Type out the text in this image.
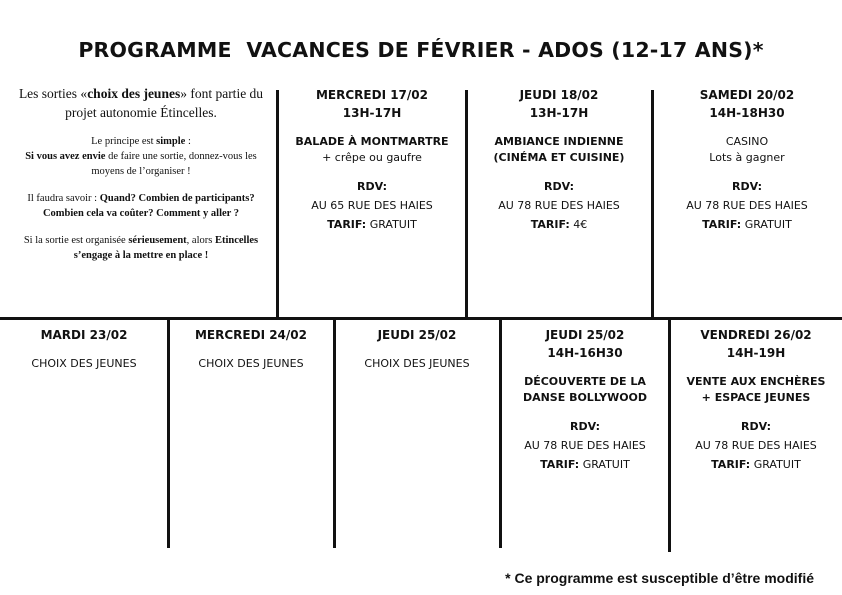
PROGRAMME  VACANCES DE FÉVRIER - ADOS (12-17 ANS)*
Les sorties «choix des jeunes» font partie du projet autonomie Étincelles.
Le principe est simple :
Si vous avez envie de faire une sortie, donnez-vous les moyens de l’organiser !
Il faudra savoir : Quand? Combien de participants? Combien cela va coûter? Comment y aller ?
Si la sortie est organisée sérieusement, alors Etincelles s’engage à la mettre en place !
MERCREDI 17/02
13H-17H
BALADE À MONTMARTRE
+ crêpe ou gaufre
RDV:
AU 65 RUE DES HAIES
TARIF: GRATUIT
JEUDI 18/02
13H-17H
AMBIANCE INDIENNE
(CINÉMA ET CUISINE)
RDV:
AU 78 RUE DES HAIES
TARIF: 4€
SAMEDI 20/02
14H-18H30
CASINO
Lots à gagner
RDV:
AU 78 RUE DES HAIES
TARIF: GRATUIT
MARDI 23/02
CHOIX DES JEUNES
MERCREDI 24/02
CHOIX DES JEUNES
JEUDI 25/02
CHOIX DES JEUNES
JEUDI 25/02
14H-16H30
DÉCOUVERTE DE LA
DANSE BOLLYWOOD
RDV:
AU 78 RUE DES HAIES
TARIF: GRATUIT
VENDREDI 26/02
14H-19H
VENTE AUX ENCHÈRES
+ ESPACE JEUNES
RDV:
AU 78 RUE DES HAIES
TARIF: GRATUIT
* Ce programme est susceptible d’être modifié
